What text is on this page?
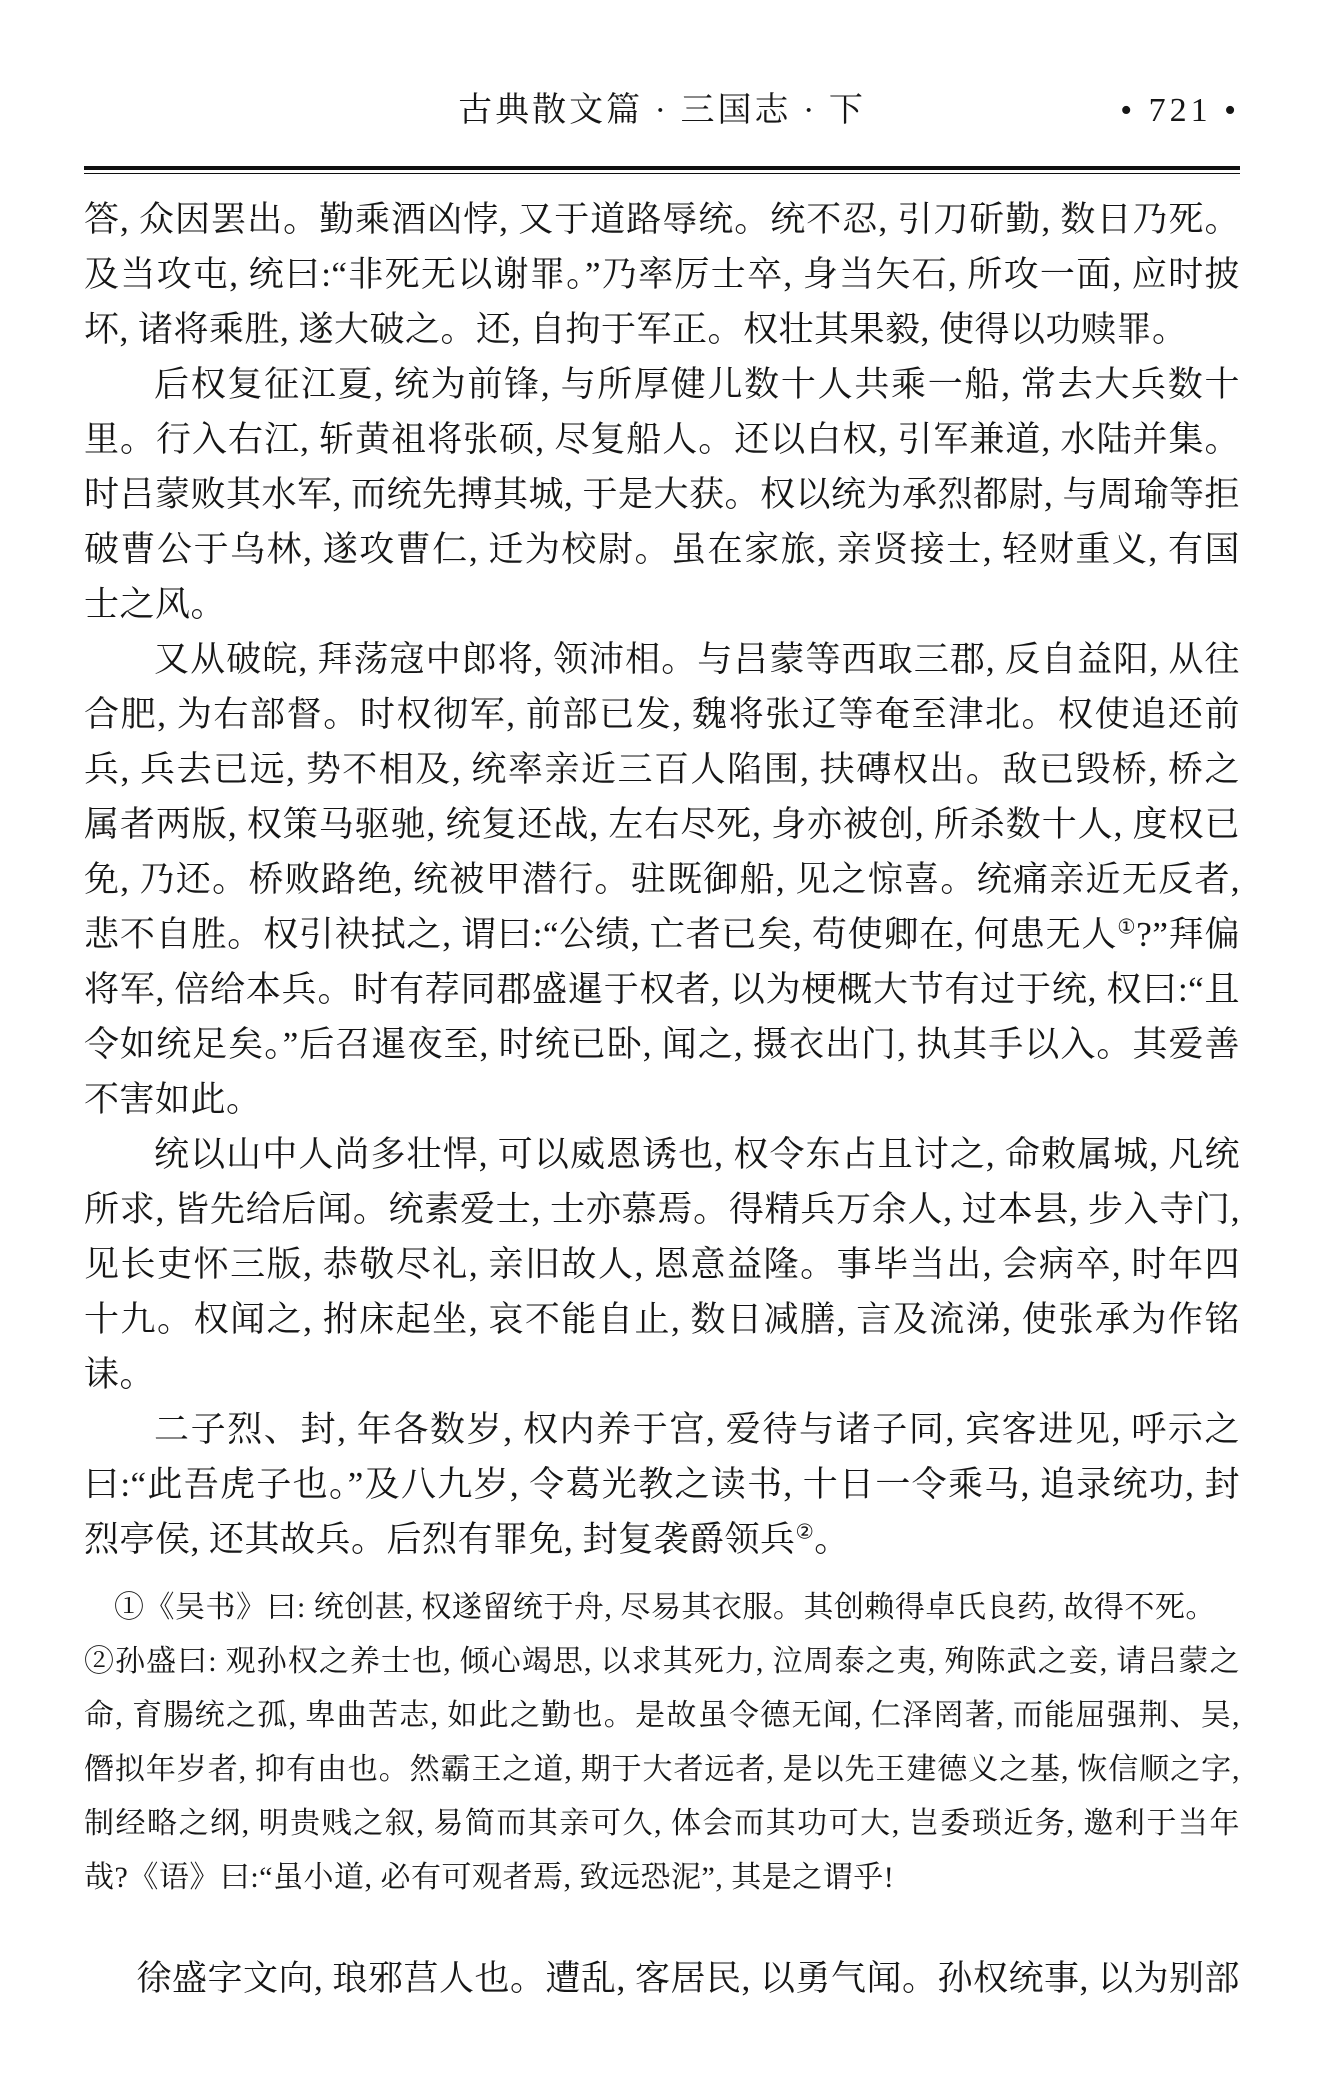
古典散文篇 · 三国志 · 下	• 721 •

答, 众因罢出。勤乘酒凶悖, 又于道路辱统。统不忍, 引刀斫勤, 数日乃死。及当攻屯, 统曰:“非死无以谢罪。”乃率厉士卒, 身当矢石, 所攻一面, 应时披坏, 诸将乘胜, 遂大破之。还, 自拘于军正。权壮其果毅, 使得以功赎罪。

后权复征江夏, 统为前锋, 与所厚健儿数十人共乘一船, 常去大兵数十里。行入右江, 斩黄祖将张硕, 尽复船人。还以白权, 引军兼道, 水陆并集。时吕蒙败其水军, 而统先搏其城, 于是大获。权以统为承烈都尉, 与周瑜等拒破曹公于乌林, 遂攻曹仁, 迁为校尉。虽在家旅, 亲贤接士, 轻财重义, 有国士之风。

又从破皖, 拜荡寇中郎将, 领沛相。与吕蒙等西取三郡, 反自益阳, 从往合肥, 为右部督。时权彻军, 前部已发, 魏将张辽等奄至津北。权使追还前兵, 兵去已远, 势不相及, 统率亲近三百人陷围, 扶磚权出。敌已毁桥, 桥之属者两版, 权策马驱驰, 统复还战, 左右尽死, 身亦被创, 所杀数十人, 度权已免, 乃还。桥败路绝, 统被甲潜行。驻既御船, 见之惊喜。统痛亲近无反者, 悲不自胜。权引袂拭之, 谓曰:“公绩, 亡者已矣, 苟使卿在, 何患无人①?”拜偏将军, 倍给本兵。时有荐同郡盛暹于权者, 以为梗概大节有过于统, 权曰:“且令如统足矣。”后召暹夜至, 时统已卧, 闻之, 摄衣出门, 执其手以入。其爱善不害如此。

统以山中人尚多壮悍, 可以威恩诱也, 权令东占且讨之, 命敕属城, 凡统所求, 皆先给后闻。统素爱士, 士亦慕焉。得精兵万余人, 过本县, 步入寺门, 见长吏怀三版, 恭敬尽礼, 亲旧故人, 恩意益隆。事毕当出, 会病卒, 时年四十九。权闻之, 拊床起坐, 哀不能自止, 数日减膳, 言及流涕, 使张承为作铭诔。

二子烈、封, 年各数岁, 权内养于宫, 爱待与诸子同, 宾客进见, 呼示之曰:“此吾虎子也。”及八九岁, 令葛光教之读书, 十日一令乘马, 追录统功, 封烈亭侯, 还其故兵。后烈有罪免, 封复袭爵领兵②。

①《吴书》曰: 统创甚, 权遂留统于舟, 尽易其衣服。其创赖得卓氏良药, 故得不死。

②孙盛曰: 观孙权之养士也, 倾心竭思, 以求其死力, 泣周泰之夷, 殉陈武之妾, 请吕蒙之命, 育腸统之孤, 卑曲苦志, 如此之勤也。是故虽令德无闻, 仁泽罔著, 而能屈强荆、吴, 僭拟年岁者, 抑有由也。然霸王之道, 期于大者远者, 是以先王建德义之基, 恢信顺之字, 制经略之纲, 明贵贱之叙, 易简而其亲可久, 体会而其功可大, 岂委琐近务, 邀利于当年哉?《语》曰:“虽小道, 必有可观者焉, 致远恐泥”, 其是之谓乎!

徐盛字文向, 琅邪莒人也。遭乱, 客居民, 以勇气闻。孙权统事, 以为别部
